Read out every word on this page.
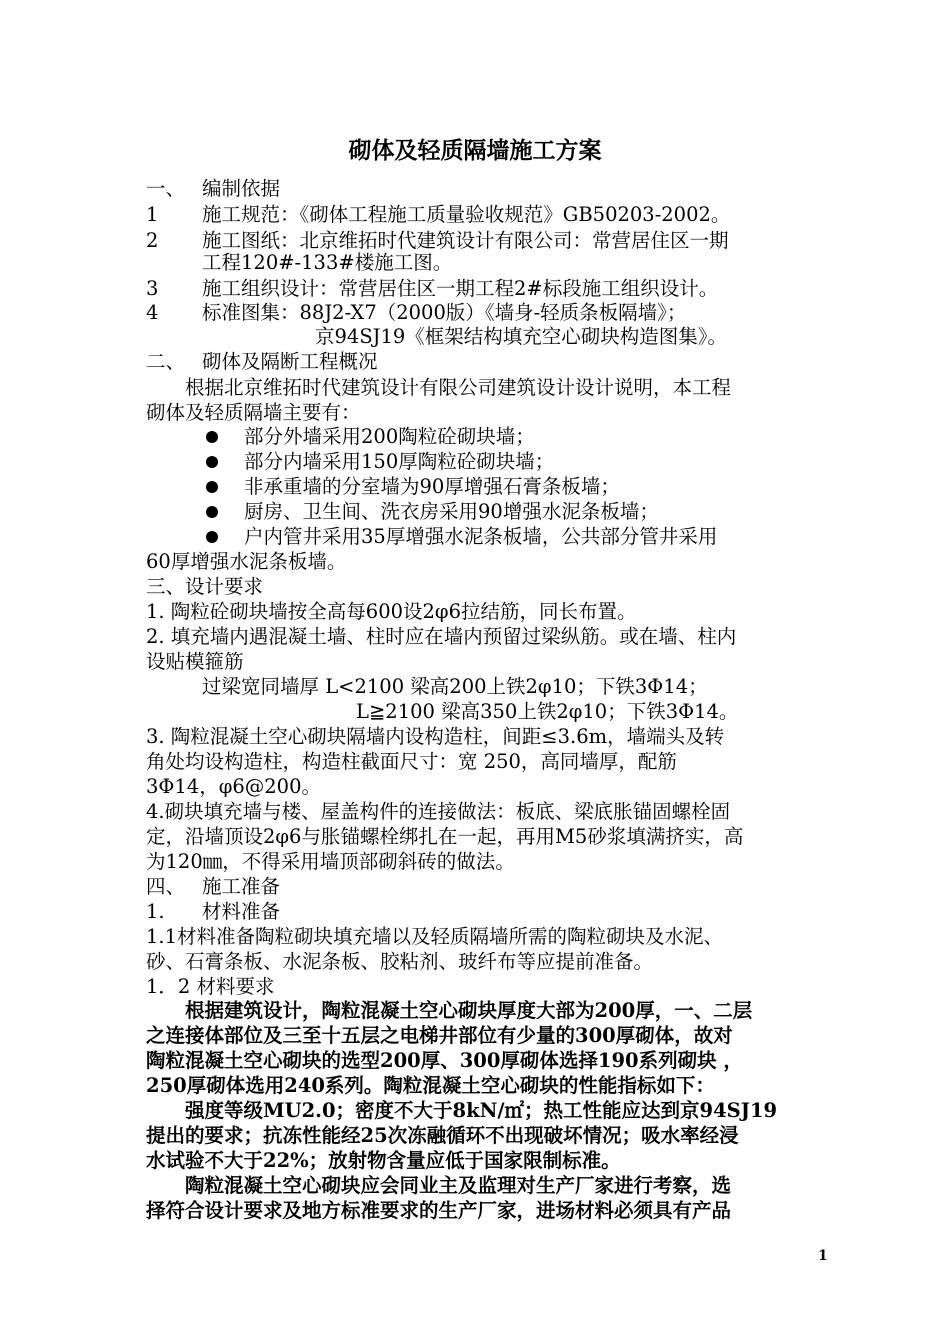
砌体及轻质隔墙施工方案
一、 编制依据
1 施工规范：《砌体工程施工质量验收规范》GB50203-2002。
2 施工图纸：北京维拓时代建筑设计有限公司：常营居住区一期
工程120#-133#楼施工图。
3 施工组织设计：常营居住区一期工程2#标段施工组织设计。
4 标准图集：88J2-X7（2000版）《墙身-轻质条板隔墙》；
京94SJ19《框架结构填充空心砌块构造图集》。
二、 砌体及隔断工程概况
根据北京维拓时代建筑设计有限公司建筑设计设计说明，本工程
砌体及轻质隔墙主要有：
部分外墙采用200陶粒砼砌块墙；
部分内墙采用150厚陶粒砼砌块墙；
非承重墙的分室墙为90厚增强石膏条板墙；
厨房、卫生间、洗衣房采用90增强水泥条板墙；
户内管井采用35厚增强水泥条板墙，公共部分管井采用
60厚增强水泥条板墙。
三、设计要求
1. 陶粒砼砌块墙按全高每600设2φ6拉结筋，同长布置。
2. 填充墙内遇混凝土墙、柱时应在墙内预留过梁纵筋。或在墙、柱内
设贴模箍筋
过梁宽同墙厚 L<2100 梁高200上铁2φ10；下铁3Φ14；
L≧2100 梁高350上铁2φ10；下铁3Φ14。
3. 陶粒混凝土空心砌块隔墙内设构造柱，间距≤3.6m，墙端头及转
角处均设构造柱，构造柱截面尺寸：宽 250，高同墙厚，配筋
3Φ14，φ6@200。
4.砌块填充墙与楼、屋盖构件的连接做法：板底、梁底胀锚固螺栓固
定，沿墙顶设2φ6与胀锚螺栓绑扎在一起，再用M5砂浆填满挤实，高
为120㎜，不得采用墙顶部砌斜砖的做法。
四、 施工准备
1. 材料准备
1.1材料准备陶粒砌块填充墙以及轻质隔墙所需的陶粒砌块及水泥、
砂、石膏条板、水泥条板、胶粘剂、玻纤布等应提前准备。
1．2 材料要求
根据建筑设计，陶粒混凝土空心砌块厚度大部为200厚，一、二层
之连接体部位及三至十五层之电梯井部位有少量的300厚砌体，故对
陶粒混凝土空心砌块的选型200厚、300厚砌体选择190系列砌块 ，
250厚砌体选用240系列。陶粒混凝土空心砌块的性能指标如下：
强度等级MU2.0；密度不大于8kN/㎡；热工性能应达到京94SJ19
提出的要求；抗冻性能经25次冻融循环不出现破坏情况；吸水率经浸
水试验不大于22%；放射物含量应低于国家限制标准。
陶粒混凝土空心砌块应会同业主及监理对生产厂家进行考察，选
择符合设计要求及地方标准要求的生产厂家，进场材料必须具有产品
1
